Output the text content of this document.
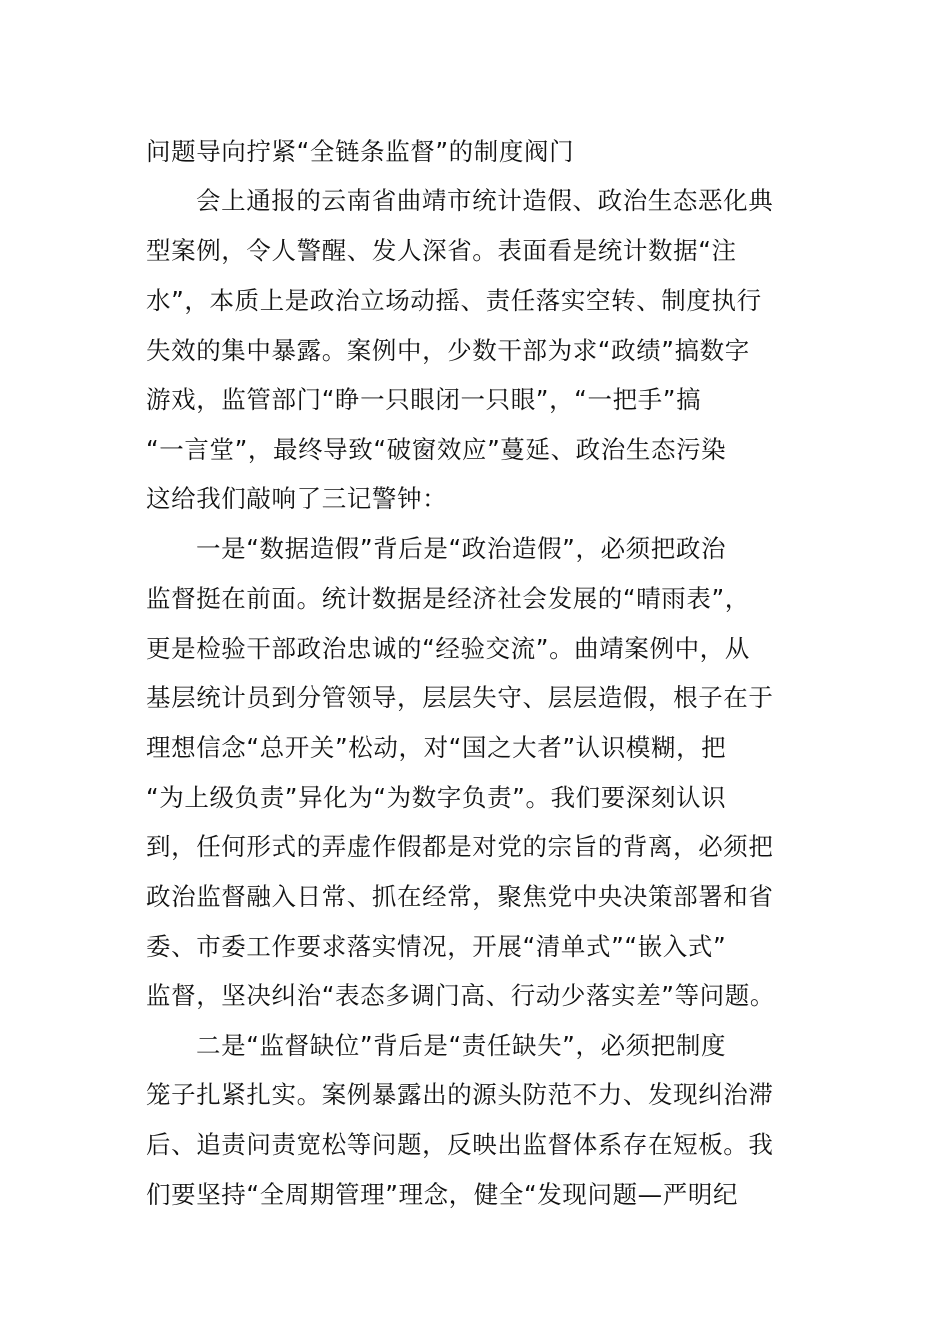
问题导向拧紧“全链条监督”的制度阀门
会上通报的云南省曲靖市统计造假、政治生态恶化典
型案例，令人警醒、发人深省。表面看是统计数据“注
水”，本质上是政治立场动摇、责任落实空转、制度执行
失效的集中暴露。案例中，少数干部为求“政绩”搞数字
游戏，监管部门“睁一只眼闭一只眼”，“一把手”搞
“一言堂”，最终导致“破窗效应”蔓延、政治生态污染
这给我们敲响了三记警钟：
一是“数据造假”背后是“政治造假”，必须把政治
监督挺在前面。统计数据是经济社会发展的“晴雨表”，
更是检验干部政治忠诚的“经验交流”。曲靖案例中，从
基层统计员到分管领导，层层失守、层层造假，根子在于
理想信念“总开关”松动，对“国之大者”认识模糊，把
“为上级负责”异化为“为数字负责”。我们要深刻认识
到，任何形式的弄虚作假都是对党的宗旨的背离，必须把
政治监督融入日常、抓在经常，聚焦党中央决策部署和省
委、市委工作要求落实情况，开展“清单式”“嵌入式”
监督，坚决纠治“表态多调门高、行动少落实差”等问题。
二是“监督缺位”背后是“责任缺失”，必须把制度
笼子扎紧扎实。案例暴露出的源头防范不力、发现纠治滞
后、追责问责宽松等问题，反映出监督体系存在短板。我
们要坚持“全周期管理”理念，健全“发现问题—严明纪
